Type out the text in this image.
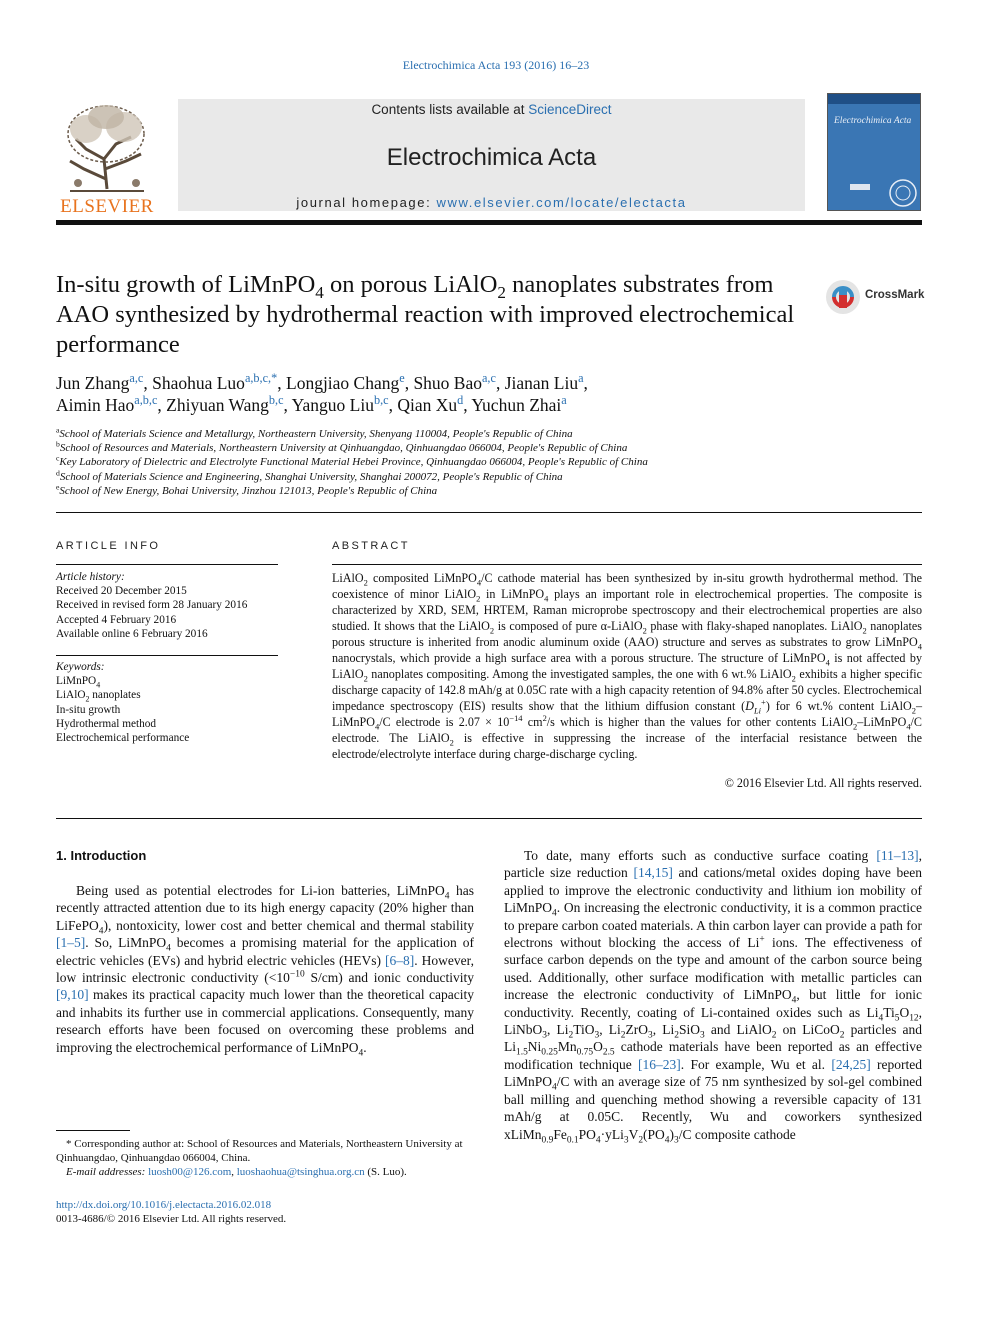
Electrochimica Acta 193 (2016) 16–23
ELSEVIER
Contents lists available at ScienceDirect
Electrochimica Acta
journal homepage: www.elsevier.com/locate/electacta
Electrochimica Acta
In-situ growth of LiMnPO$_4$ on porous LiAlO$_2$ nanoplates substrates from AAO synthesized by hydrothermal reaction with improved electrochemical performance
CrossMark
Jun Zhang$^{a,c}$, Shaohua Luo$^{a,b,c,*}$, Longjiao Chang$^e$, Shuo Bao$^{a,c}$, Jianan Liu$^a$,
Aimin Hao$^{a,b,c}$, Zhiyuan Wang$^{b,c}$, Yanguo Liu$^{b,c}$, Qian Xu$^d$, Yuchun Zhai$^a$
$^a$School of Materials Science and Metallurgy, Northeastern University, Shenyang 110004, People's Republic of China
$^b$School of Resources and Materials, Northeastern University at Qinhuangdao, Qinhuangdao 066004, People's Republic of China
$^c$Key Laboratory of Dielectric and Electrolyte Functional Material Hebei Province, Qinhuangdao 066004, People's Republic of China
$^d$School of Materials Science and Engineering, Shanghai University, Shanghai 200072, People's Republic of China
$^e$School of New Energy, Bohai University, Jinzhou 121013, People's Republic of China
ARTICLE INFO
Article history:
Received 20 December 2015
Received in revised form 28 January 2016
Accepted 4 February 2016
Available online 6 February 2016
Keywords:
LiMnPO$_4$
LiAlO$_2$ nanoplates
In-situ growth
Hydrothermal method
Electrochemical performance
ABSTRACT
LiAlO$_2$ composited LiMnPO$_4$/C cathode material has been synthesized by in-situ growth hydrothermal method. The coexistence of minor LiAlO$_2$ in LiMnPO$_4$ plays an important role in electrochemical properties. The composite is characterized by XRD, SEM, HRTEM, Raman microprobe spectroscopy and their electrochemical properties are also studied. It shows that the LiAlO$_2$ is composed of pure α-LiAlO$_2$ phase with flaky-shaped nanoplates. LiAlO$_2$ nanoplates porous structure is inherited from anodic aluminum oxide (AAO) structure and serves as substrates to grow LiMnPO$_4$ nanocrystals, which provide a high surface area with a porous structure. The structure of LiMnPO$_4$ is not affected by LiAlO$_2$ nanoplates compositing. Among the investigated samples, the one with 6 wt.% LiAlO$_2$ exhibits a higher specific discharge capacity of 142.8 mAh/g at 0.05C rate with a high capacity retention of 94.8% after 50 cycles. Electrochemical impedance spectroscopy (EIS) results show that the lithium diffusion constant $(D_{Li}^+)$ for 6 wt.% content LiAlO$_2$–LiMnPO$_4$/C electrode is $2.07 \times 10^{-14}$ $cm^2/s$ which is higher than the values for other contents LiAlO$_2$–LiMnPO$_4$/C electrode. The LiAlO$_2$ is effective in suppressing the increase of the interfacial resistance between the electrode/electrolyte interface during charge-discharge cycling.
© 2016 Elsevier Ltd. All rights reserved.
1. Introduction
Being used as potential electrodes for Li-ion batteries, LiMnPO$_4$ has recently attracted attention due to its high energy capacity (20% higher than LiFePO$_4$), nontoxicity, lower cost and better chemical and thermal stability [1–5]. So, LiMnPO$_4$ becomes a promising material for the application of electric vehicles (EVs) and hybrid electric vehicles (HEVs) [6–8]. However, low intrinsic electronic conductivity ($<10^{-10}$ S/cm) and ionic conductivity [9,10] makes its practical capacity much lower than the theoretical capacity and inhabits its further use in commercial applications. Consequently, many research efforts have been focused on overcoming these problems and improving the electrochemical performance of LiMnPO$_4$.
To date, many efforts such as conductive surface coating [11–13], particle size reduction [14,15] and cations/metal oxides doping have been applied to improve the electronic conductivity and lithium ion mobility of LiMnPO$_4$. On increasing the electronic conductivity, it is a common practice to prepare carbon coated materials. A thin carbon layer can provide a path for electrons without blocking the access of Li+ ions. The effectiveness of surface carbon depends on the type and amount of the carbon source being used. Additionally, other surface modification with metallic particles can increase the electronic conductivity of LiMnPO$_4$, but little for ionic conductivity. Recently, coating of Li-contained oxides such as $Li_4Ti_5O_{12}$, LiNbO$_3$, $Li_2TiO_3$, $Li_2ZrO_3$, $Li_2SiO_3$ and LiAlO$_2$ on LiCoO$_2$ particles and $Li_{1.5}Ni_{0.25}Mn_{0.75}O_{2.5}$ cathode materials have been reported as an effective modification technique [16–23]. For example, Wu et al. [24,25] reported LiMnPO$_4$/C with an average size of 75 nm synthesized by sol-gel combined ball milling and quenching method showing a reversible capacity of 131 mAh/g at 0.05C. Recently, Wu and coworkers synthesized $xLiMn_{0.9}Fe_{0.1}PO_4\cdot yLi_3V_2(PO_4)_3/C$ composite cathode
* Corresponding author at: School of Resources and Materials, Northeastern University at Qinhuangdao, Qinhuangdao 066004, China.
E-mail addresses: luosh00@126.com, luoshaohua@tsinghua.org.cn (S. Luo).
http://dx.doi.org/10.1016/j.electacta.2016.02.018
0013-4686/© 2016 Elsevier Ltd. All rights reserved.
